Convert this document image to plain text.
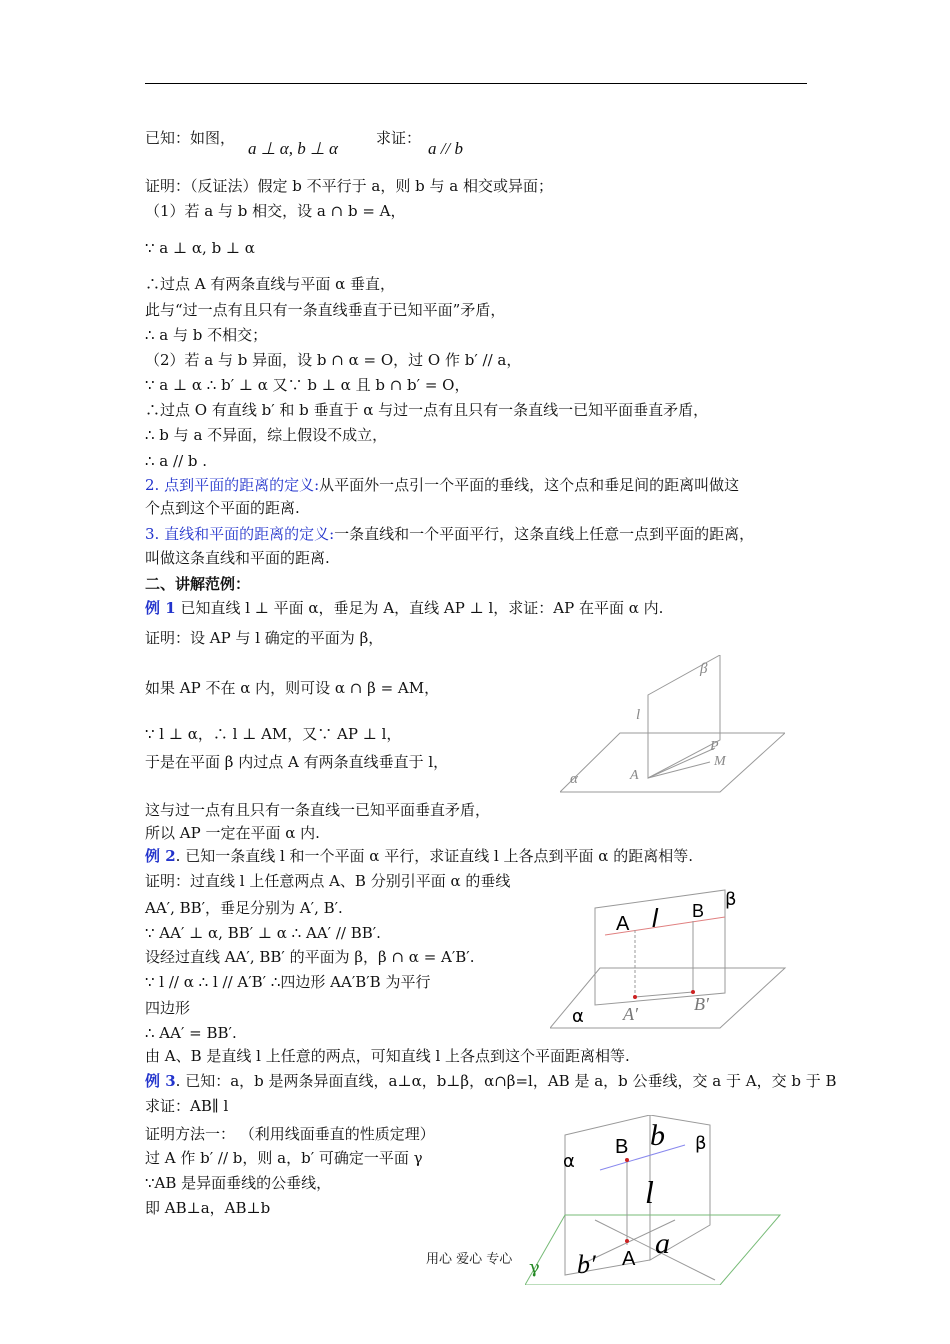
已知：如图，
a ⊥ α, b ⊥ α
求证：
a // b
证明：（反证法）假定 b 不平行于 a，则 b 与 a 相交或异面；
（1）若 a 与 b 相交，设 a ∩ b = A，
∵ a ⊥ α, b ⊥ α
∴过点 A 有两条直线与平面 α 垂直，
此与“过一点有且只有一条直线垂直于已知平面”矛盾，
∴ a 与 b 不相交；
（2）若 a 与 b 异面，设 b ∩ α = O，过 O 作 b′ // a，
∵ a ⊥ α ∴ b′ ⊥ α 又∵ b ⊥ α 且 b ∩ b′ = O，
∴过点 O 有直线 b′ 和 b 垂直于 α 与过一点有且只有一条直线一已知平面垂直矛盾，
∴ b 与 a 不异面，综上假设不成立，
∴ a // b .
2. 点到平面的距离的定义:从平面外一点引一个平面的垂线，这个点和垂足间的距离叫做这
个点到这个平面的距离.
3. 直线和平面的距离的定义:一条直线和一个平面平行，这条直线上任意一点到平面的距离，
叫做这条直线和平面的距离.
二、讲解范例：
例 1 已知直线 l ⊥ 平面 α，垂足为 A，直线 AP ⊥ l，求证：AP 在平面 α 内.
证明：设 AP 与 l 确定的平面为 β，
如果 AP 不在 α 内，则可设 α ∩ β = AM，
∵ l ⊥ α，∴ l ⊥ AM，又∵ AP ⊥ l，
于是在平面 β 内过点 A 有两条直线垂直于 l，
这与过一点有且只有一条直线一已知平面垂直矛盾，
所以 AP 一定在平面 α 内.
β
l
P
M
A
α
例 2. 已知一条直线 l 和一个平面 α 平行，求证直线 l 上各点到平面 α 的距离相等.
证明：过直线 l 上任意两点 A、B 分别引平面 α 的垂线
AA′, BB′，垂足分别为 A′, B′.
∵ AA′ ⊥ α, BB′ ⊥ α ∴ AA′ // BB′.
设经过直线 AA′, BB′ 的平面为 β，β ∩ α = A′B′.
∵ l // α ∴ l // A′B′ ∴四边形 AA′B′B 为平行
四边形
∴ AA′ = BB′.
由 A、B 是直线 l 上任意的两点，可知直线 l 上各点到这个平面距离相等.
A l B
β
α A′	B′
例 3. 已知：a，b 是两条异面直线，a⊥α，b⊥β，α∩β=l，AB 是 a，b 公垂线，交 a 于 A，交 b 于 B
求证：AB∥ l
证明方法一： （利用线面垂直的性质定理）
过 A 作 b′ // b，则 a，b′ 可确定一平面 γ
∵AB 是异面垂线的公垂线，
即 AB⊥a，AB⊥b
B b β
α
l
a
A
b′
γ
用心 爱心 专心
